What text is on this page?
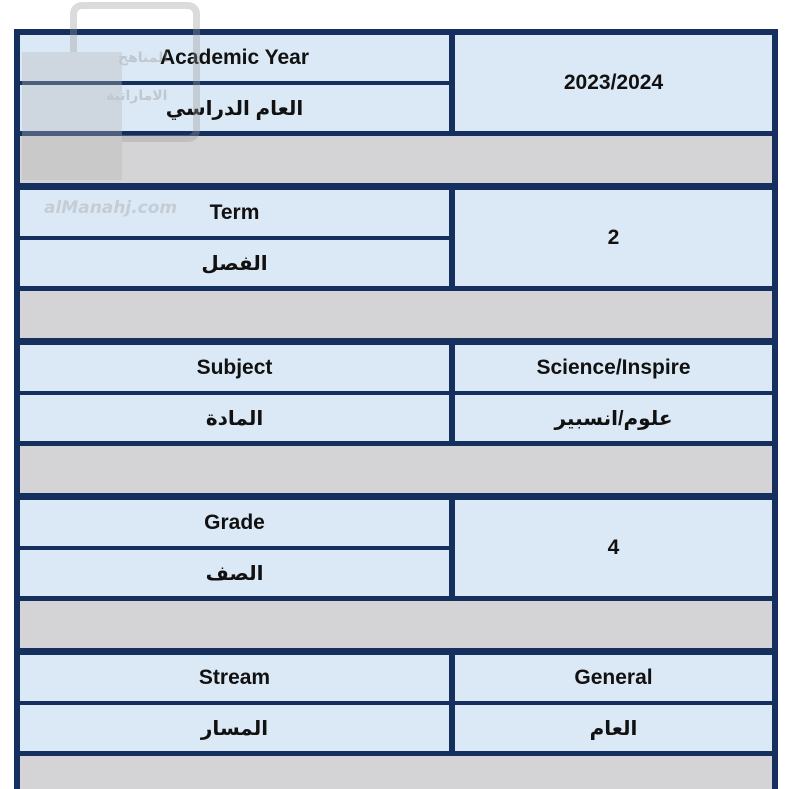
Academic Year
العام الدراسي
2023/2024
Term
الفصل
2
Subject
المادة
Science/Inspire
علوم/انسبير
Grade
الصف
4
Stream
المسار
General
العام
المناهج
الاماراتية
alManahj.com
